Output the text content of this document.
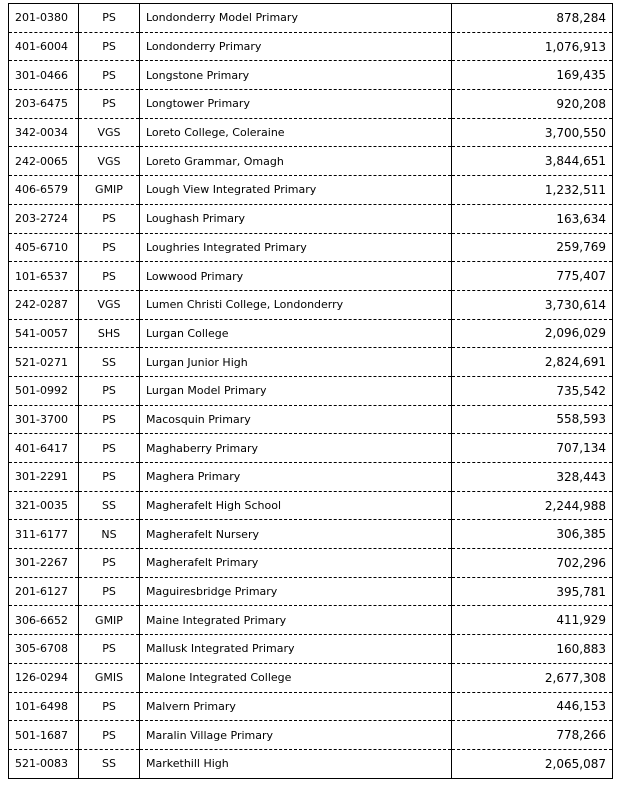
201-0380	PS	Londonderry Model Primary	878,284
401-6004	PS	Londonderry Primary	1,076,913
301-0466	PS	Longstone Primary	169,435
203-6475	PS	Longtower Primary	920,208
342-0034	VGS	Loreto College, Coleraine	3,700,550
242-0065	VGS	Loreto Grammar, Omagh	3,844,651
406-6579	GMIP	Lough View Integrated Primary	1,232,511
203-2724	PS	Loughash Primary	163,634
405-6710	PS	Loughries Integrated Primary	259,769
101-6537	PS	Lowwood Primary	775,407
242-0287	VGS	Lumen Christi College, Londonderry	3,730,614
541-0057	SHS	Lurgan College	2,096,029
521-0271	SS	Lurgan Junior High	2,824,691
501-0992	PS	Lurgan Model Primary	735,542
301-3700	PS	Macosquin Primary	558,593
401-6417	PS	Maghaberry Primary	707,134
301-2291	PS	Maghera Primary	328,443
321-0035	SS	Magherafelt High School	2,244,988
311-6177	NS	Magherafelt Nursery	306,385
301-2267	PS	Magherafelt Primary	702,296
201-6127	PS	Maguiresbridge Primary	395,781
306-6652	GMIP	Maine Integrated Primary	411,929
305-6708	PS	Mallusk Integrated Primary	160,883
126-0294	GMIS	Malone Integrated College	2,677,308
101-6498	PS	Malvern Primary	446,153
501-1687	PS	Maralin Village Primary	778,266
521-0083	SS	Markethill High	2,065,087
